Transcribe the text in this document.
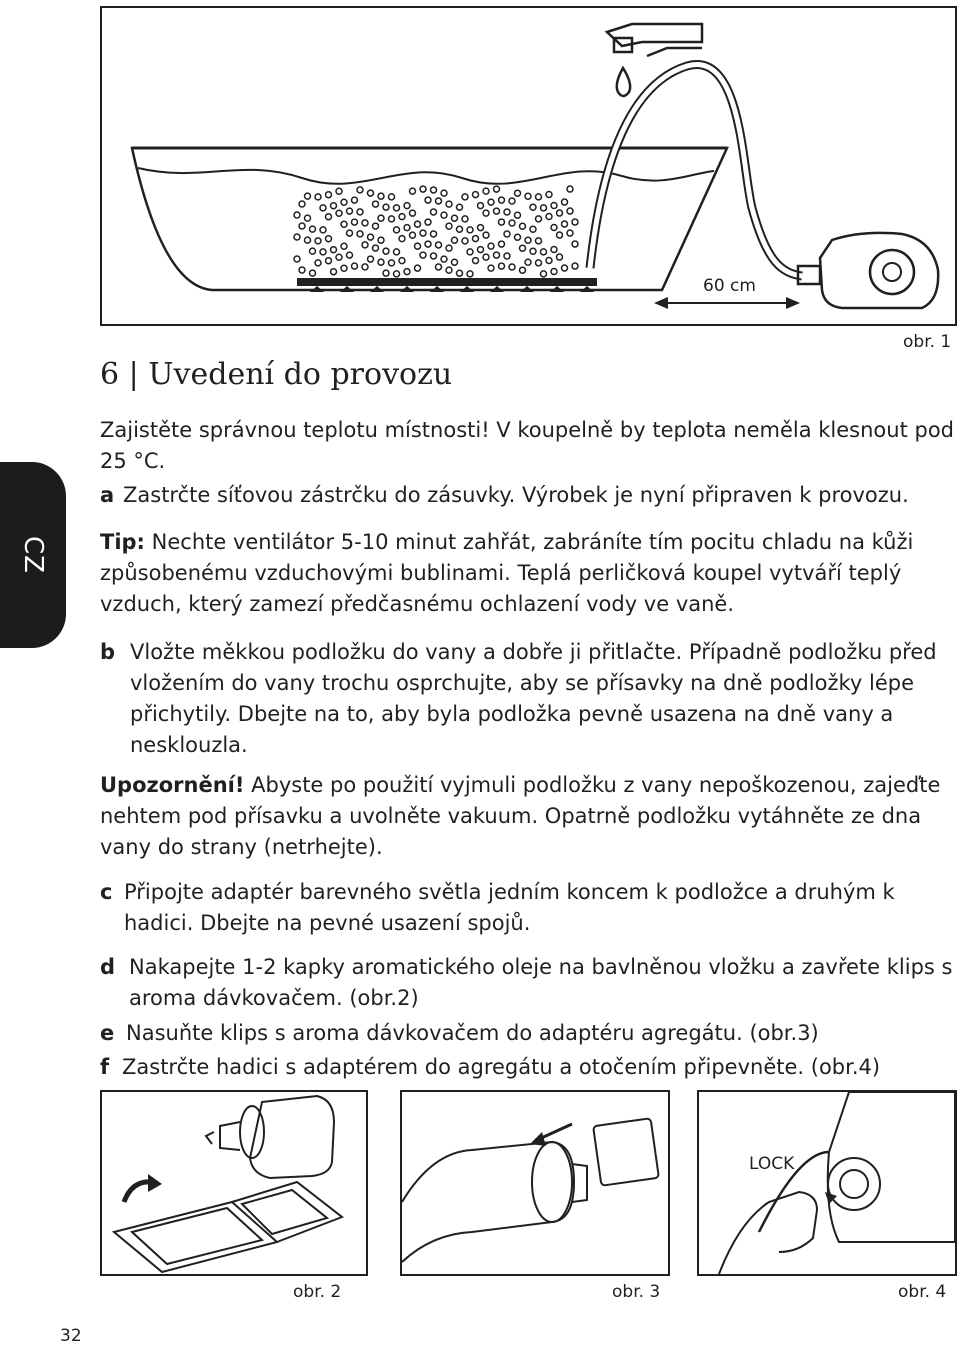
60 cm
obr. 1
CZ
6 | Uvedení do provozu

Zajistěte správnou teplotu místnosti! V koupelně by teplota neměla klesnout pod 25 °C.

a Zastrčte síťovou zástrčku do zásuvky. Výrobek je nyní připraven k provozu.

Tip: Nechte ventilátor 5-10 minut zahřát, zabráníte tím pocitu chladu na kůži způsobenému vzduchovými bublinami. Teplá perličková koupel vytváří teplý vzduch, který zamezí předčasnému ochlazení vody ve vaně.

b Vložte měkkou podložku do vany a dobře ji přitlačte. Případně podložku před vložením do vany trochu osprchujte, aby se přísavky na dně podložky lépe přichytily. Dbejte na to, aby byla podložka pevně usazena na dně vany a nesklouzla.

Upozornění! Abyste po použití vyjmuli podložku z vany nepoškozenou, zajeďte nehtem pod přísavku a uvolněte vakuum. Opatrně podložku vytáhněte ze dna vany do strany (netrhejte).

c Připojte adaptér barevného světla jedním koncem k podložce a druhým k hadici. Dbejte na pevné usazení spojů.
d Nakapejte 1-2 kapky aromatického oleje na bavlněnou vložku a zavřete klips s aroma dávkovačem. (obr.2)
e Nasuňte klips s aroma dávkovačem do adaptéru agregátu. (obr.3)
f Zastrčte hadici s adaptérem do agregátu a otočením připevněte. (obr.4)
obr. 2	obr. 3
LOCK
obr. 4
32
